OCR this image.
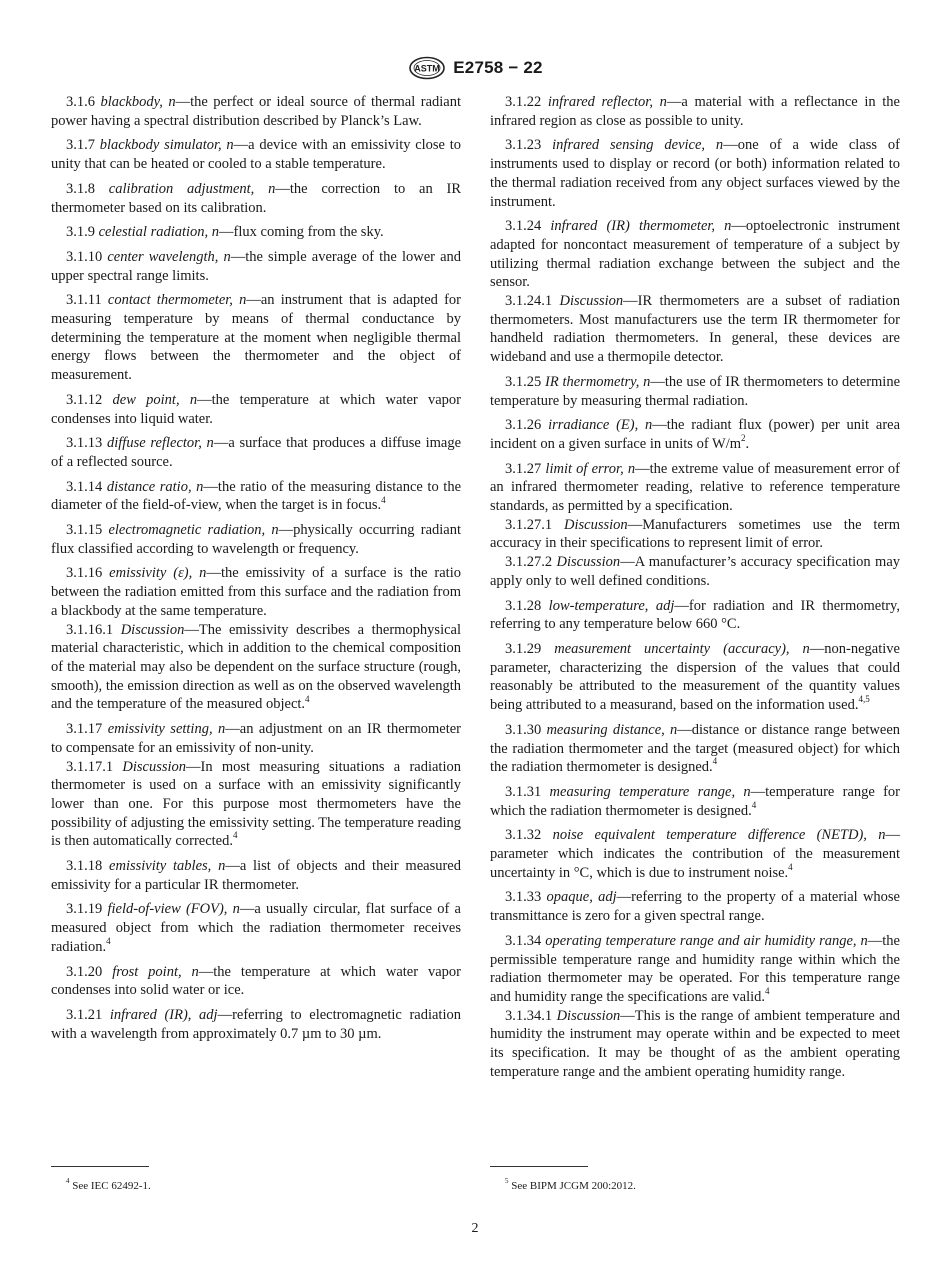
ASTM E2758 − 22

3.1.6 blackbody, n—the perfect or ideal source of thermal radiant power having a spectral distribution described by Planck’s Law.

3.1.7 blackbody simulator, n—a device with an emissivity close to unity that can be heated or cooled to a stable temperature.

3.1.8 calibration adjustment, n—the correction to an IR thermometer based on its calibration.

3.1.9 celestial radiation, n—flux coming from the sky.

3.1.10 center wavelength, n—the simple average of the lower and upper spectral range limits.

3.1.11 contact thermometer, n—an instrument that is adapted for measuring temperature by means of thermal conductance by determining the temperature at the moment when negligible thermal energy flows between the thermometer and the object of measurement.

3.1.12 dew point, n—the temperature at which water vapor condenses into liquid water.

3.1.13 diffuse reflector, n—a surface that produces a diffuse image of a reflected source.

3.1.14 distance ratio, n—the ratio of the measuring distance to the diameter of the field-of-view, when the target is in focus.$^4$

3.1.15 electromagnetic radiation, n—physically occurring radiant flux classified according to wavelength or frequency.

3.1.16 emissivity (ε), n—the emissivity of a surface is the ratio between the radiation emitted from this surface and the radiation from a blackbody at the same temperature.

3.1.16.1 Discussion—The emissivity describes a thermophysical material characteristic, which in addition to the chemical composition of the material may also be dependent on the surface structure (rough, smooth), the emission direction as well as on the observed wavelength and the temperature of the measured object.$^4$

3.1.17 emissivity setting, n—an adjustment on an IR thermometer to compensate for an emissivity of non-unity.

3.1.17.1 Discussion—In most measuring situations a radiation thermometer is used on a surface with an emissivity significantly lower than one. For this purpose most thermometers have the possibility of adjusting the emissivity setting. The temperature reading is then automatically corrected.$^4$

3.1.18 emissivity tables, n—a list of objects and their measured emissivity for a particular IR thermometer.

3.1.19 field-of-view (FOV), n—a usually circular, flat surface of a measured object from which the radiation thermometer receives radiation.$^4$

3.1.20 frost point, n—the temperature at which water vapor condenses into solid water or ice.

3.1.21 infrared (IR), adj—referring to electromagnetic radiation with a wavelength from approximately 0.7 µm to 30 µm.

3.1.22 infrared reflector, n—a material with a reflectance in the infrared region as close as possible to unity.

3.1.23 infrared sensing device, n—one of a wide class of instruments used to display or record (or both) information related to the thermal radiation received from any object surfaces viewed by the instrument.

3.1.24 infrared (IR) thermometer, n—optoelectronic instrument adapted for noncontact measurement of temperature of a subject by utilizing thermal radiation exchange between the subject and the sensor.

3.1.24.1 Discussion—IR thermometers are a subset of radiation thermometers. Most manufacturers use the term IR thermometer for handheld radiation thermometers. In general, these devices are wideband and use a thermopile detector.

3.1.25 IR thermometry, n—the use of IR thermometers to determine temperature by measuring thermal radiation.

3.1.26 irradiance (E), n—the radiant flux (power) per unit area incident on a given surface in units of $W/m^2$.

3.1.27 limit of error, n—the extreme value of measurement error of an infrared thermometer reading, relative to reference temperature standards, as permitted by a specification.

3.1.27.1 Discussion—Manufacturers sometimes use the term accuracy in their specifications to represent limit of error.

3.1.27.2 Discussion—A manufacturer’s accuracy specification may apply only to well defined conditions.

3.1.28 low-temperature, adj—for radiation and IR thermometry, referring to any temperature below 660 °C.

3.1.29 measurement uncertainty (accuracy), n—non-negative parameter, characterizing the dispersion of the values that could reasonably be attributed to the measurement of the quantity values being attributed to a measurand, based on the information used.$^{4,5}$

3.1.30 measuring distance, n—distance or distance range between the radiation thermometer and the target (measured object) for which the radiation thermometer is designed.$^4$

3.1.31 measuring temperature range, n—temperature range for which the radiation thermometer is designed.$^4$

3.1.32 noise equivalent temperature difference (NETD), n—parameter which indicates the contribution of the measurement uncertainty in °C, which is due to instrument noise.$^4$

3.1.33 opaque, adj—referring to the property of a material whose transmittance is zero for a given spectral range.

3.1.34 operating temperature range and air humidity range, n—the permissible temperature range and humidity range within which the radiation thermometer may be operated. For this temperature range and humidity range the specifications are valid.$^4$

3.1.34.1 Discussion—This is the range of ambient temperature and humidity the instrument may operate within and be expected to meet its specification. It may be thought of as the ambient operating temperature range and the ambient operating humidity range.

$^4$ See IEC 62492-1.	$^5$ See BIPM JCGM 200:2012.
2
